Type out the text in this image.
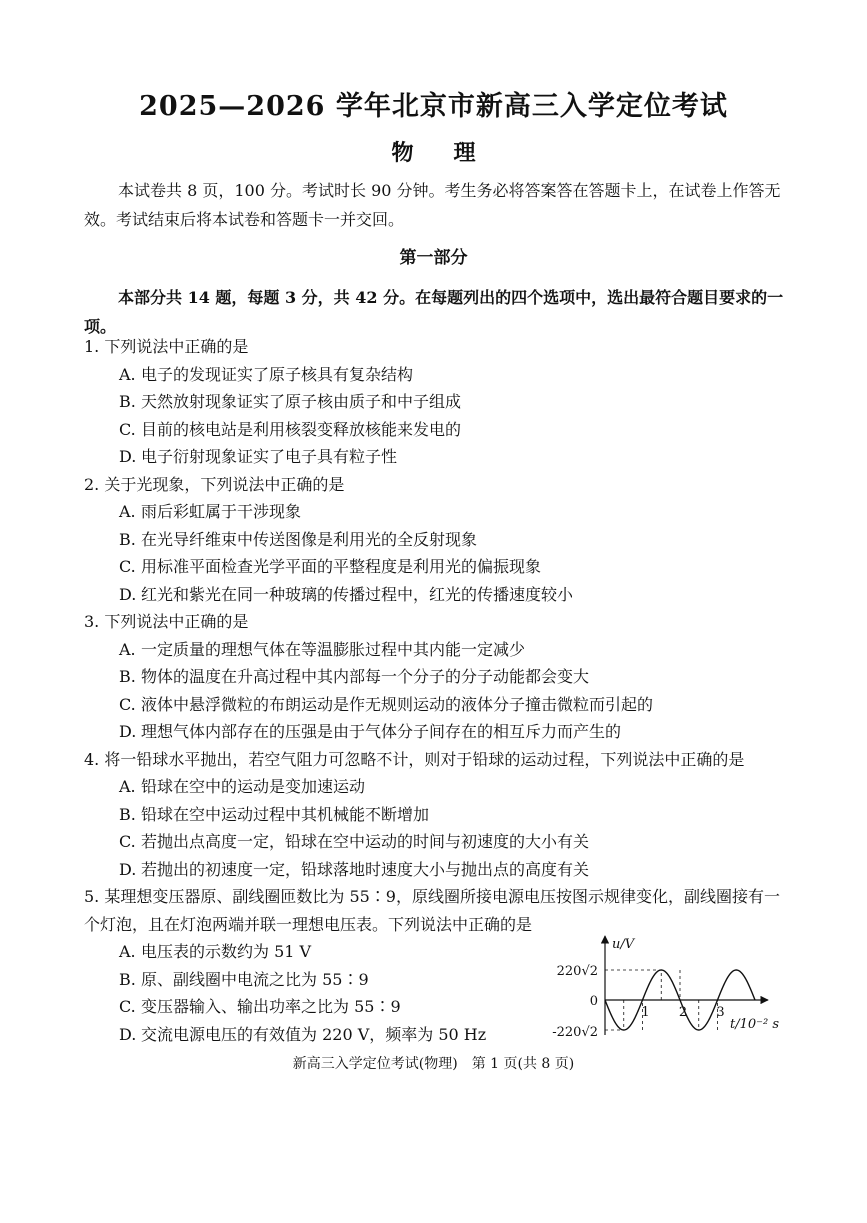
2025—2026 学年北京市新高三入学定位考试
物理
本试卷共 8 页，100 分。考试时长 90 分钟。考生务必将答案答在答题卡上，在试卷上作答无效。考试结束后将本试卷和答题卡一并交回。
第一部分
本部分共 14 题，每题 3 分，共 42 分。在每题列出的四个选项中，选出最符合题目要求的一项。

1. 下列说法中正确的是

A. 电子的发现证实了原子核具有复杂结构

B. 天然放射现象证实了原子核由质子和中子组成

C. 目前的核电站是利用核裂变释放核能来发电的

D. 电子衍射现象证实了电子具有粒子性

2. 关于光现象，下列说法中正确的是

A. 雨后彩虹属于干涉现象

B. 在光导纤维束中传送图像是利用光的全反射现象

C. 用标准平面检查光学平面的平整程度是利用光的偏振现象

D. 红光和紫光在同一种玻璃的传播过程中，红光的传播速度较小

3. 下列说法中正确的是

A. 一定质量的理想气体在等温膨胀过程中其内能一定减少

B. 物体的温度在升高过程中其内部每一个分子的分子动能都会变大

C. 液体中悬浮微粒的布朗运动是作无规则运动的液体分子撞击微粒而引起的

D. 理想气体内部存在的压强是由于气体分子间存在的相互斥力而产生的

4. 将一铅球水平抛出，若空气阻力可忽略不计，则对于铅球的运动过程，下列说法中正确的是

A. 铅球在空中的运动是变加速运动

B. 铅球在空中运动过程中其机械能不断增加

C. 若抛出点高度一定，铅球在空中运动的时间与初速度的大小有关

D. 若抛出的初速度一定，铅球落地时速度大小与抛出点的高度有关

5. 某理想变压器原、副线圈匝数比为 55∶9，原线圈所接电源电压按图示规律变化，副线圈接有一个灯泡，且在灯泡两端并联一理想电压表。下列说法中正确的是

A. 电压表的示数约为 51 V

B. 原、副线圈中电流之比为 55∶9

C. 变压器输入、输出功率之比为 55∶9

D. 交流电源电压的有效值为 220 V，频率为 50 Hz

u/V
t/10⁻² s
220√2
0
-220√2
1 2 3
新高三入学定位考试(物理)　第 1 页(共 8 页)
